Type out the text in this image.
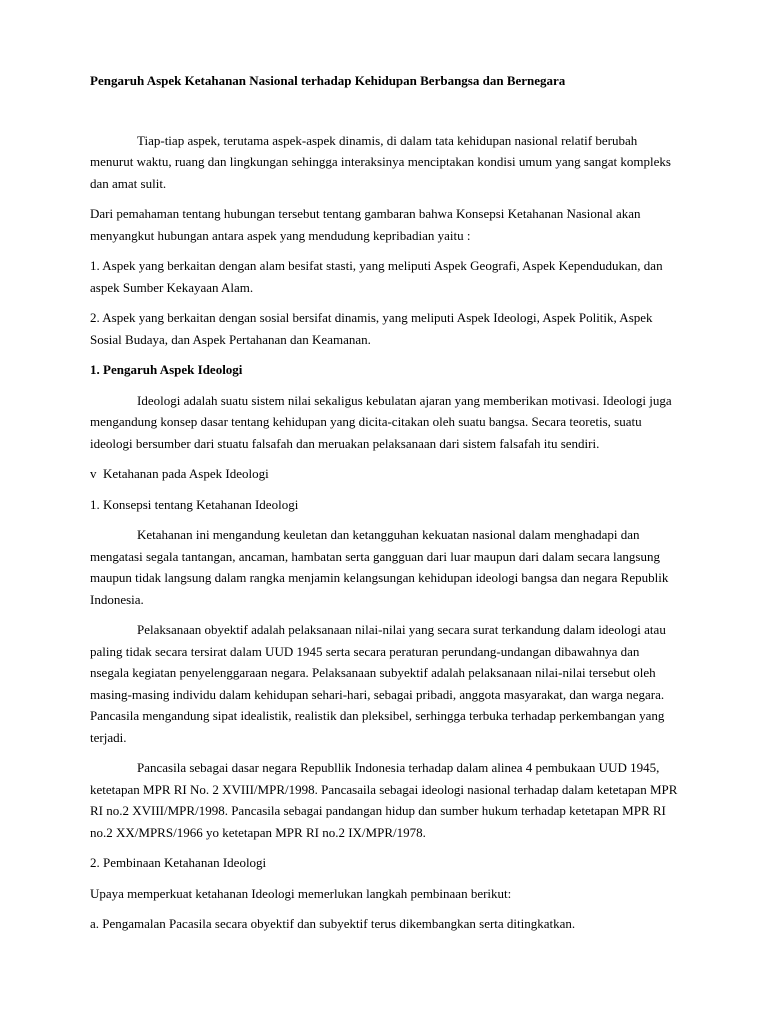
Pengaruh Aspek Ketahanan Nasional terhadap Kehidupan Berbangsa dan Bernegara

Tiap-tiap aspek, terutama aspek-aspek dinamis, di dalam tata kehidupan nasional relatif berubah menurut waktu, ruang dan lingkungan sehingga interaksinya menciptakan kondisi umum yang sangat kompleks dan amat sulit.

Dari pemahaman tentang hubungan tersebut tentang gambaran bahwa Konsepsi Ketahanan Nasional akan menyangkut hubungan antara aspek yang mendudung kepribadian yaitu :

1. Aspek yang berkaitan dengan alam besifat stasti, yang meliputi Aspek Geografi, Aspek Kependudukan, dan aspek Sumber Kekayaan Alam.

2. Aspek yang berkaitan dengan sosial bersifat dinamis, yang meliputi Aspek Ideologi, Aspek Politik, Aspek Sosial Budaya, dan Aspek Pertahanan dan Keamanan.

1. Pengaruh Aspek Ideologi

Ideologi adalah suatu sistem nilai sekaligus kebulatan ajaran yang memberikan motivasi. Ideologi juga mengandung konsep dasar tentang kehidupan yang dicita-citakan oleh suatu bangsa. Secara teoretis, suatu ideologi bersumber dari stuatu falsafah dan meruakan pelaksanaan dari sistem falsafah itu sendiri.

v  Ketahanan pada Aspek Ideologi

1. Konsepsi tentang Ketahanan Ideologi

Ketahanan ini mengandung keuletan dan ketangguhan kekuatan nasional dalam menghadapi dan mengatasi segala tantangan, ancaman, hambatan serta gangguan dari luar maupun dari dalam secara langsung maupun tidak langsung dalam rangka menjamin kelangsungan kehidupan ideologi bangsa dan negara Republik Indonesia.

Pelaksanaan obyektif adalah pelaksanaan nilai-nilai yang secara surat terkandung dalam ideologi atau paling tidak secara tersirat dalam UUD 1945 serta secara peraturan perundang-undangan dibawahnya dan nsegala kegiatan penyelenggaraan negara. Pelaksanaan subyektif adalah pelaksanaan nilai-nilai tersebut oleh masing-masing individu dalam kehidupan sehari-hari, sebagai pribadi, anggota masyarakat, dan warga negara. Pancasila mengandung sipat idealistik, realistik dan pleksibel, serhingga terbuka terhadap perkembangan yang terjadi.

Pancasila sebagai dasar negara Republlik Indonesia terhadap dalam alinea 4 pembukaan UUD 1945, ketetapan MPR RI No. 2 XVIII/MPR/1998. Pancasaila sebagai ideologi nasional terhadap dalam ketetapan MPR RI no.2 XVIII/MPR/1998. Pancasila sebagai pandangan hidup dan sumber hukum terhadap ketetapan MPR RI no.2 XX/MPRS/1966 yo ketetapan MPR RI no.2 IX/MPR/1978.

2. Pembinaan Ketahanan Ideologi

Upaya memperkuat ketahanan Ideologi memerlukan langkah pembinaan berikut:

a. Pengamalan Pacasila secara obyektif dan subyektif terus dikembangkan serta ditingkatkan.
